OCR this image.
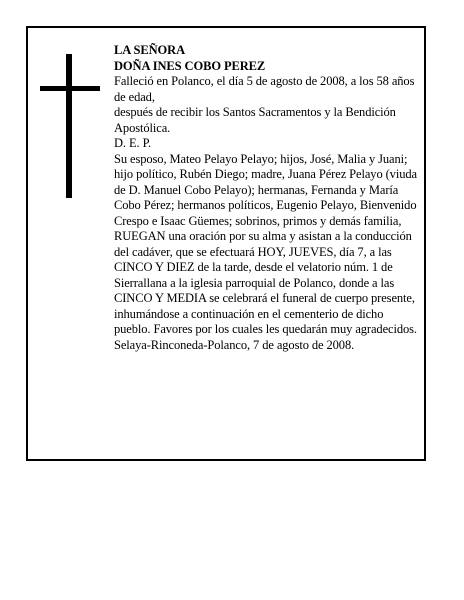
LA SEÑORA
DOÑA INES COBO PEREZ
Falleció en Polanco, el día 5 de agosto de 2008, a los 58 años de edad,
después de recibir los Santos Sacramentos y la Bendición Apostólica.
D. E. P.
Su esposo, Mateo Pelayo Pelayo; hijos, José, Malia y Juani; hijo político, Rubén Diego; madre, Juana Pérez Pelayo (viuda de D. Manuel Cobo Pelayo); hermanas, Fernanda y María Cobo Pérez; hermanos políticos, Eugenio Pelayo, Bienvenido Crespo e Isaac Güemes; sobrinos, primos y demás familia,
RUEGAN una oración por su alma y asistan a la conducción del cadáver, que se efectuará HOY, JUEVES, día 7, a las CINCO Y DIEZ de la tarde, desde el velatorio núm. 1 de Sierrallana a la iglesia parroquial de Polanco, donde a las CINCO Y MEDIA se celebrará el funeral de cuerpo presente, inhumándose a continuación en el cementerio de dicho pueblo. Favores por los cuales les quedarán muy agradecidos.
Selaya-Rinconeda-Polanco, 7 de agosto de 2008.
